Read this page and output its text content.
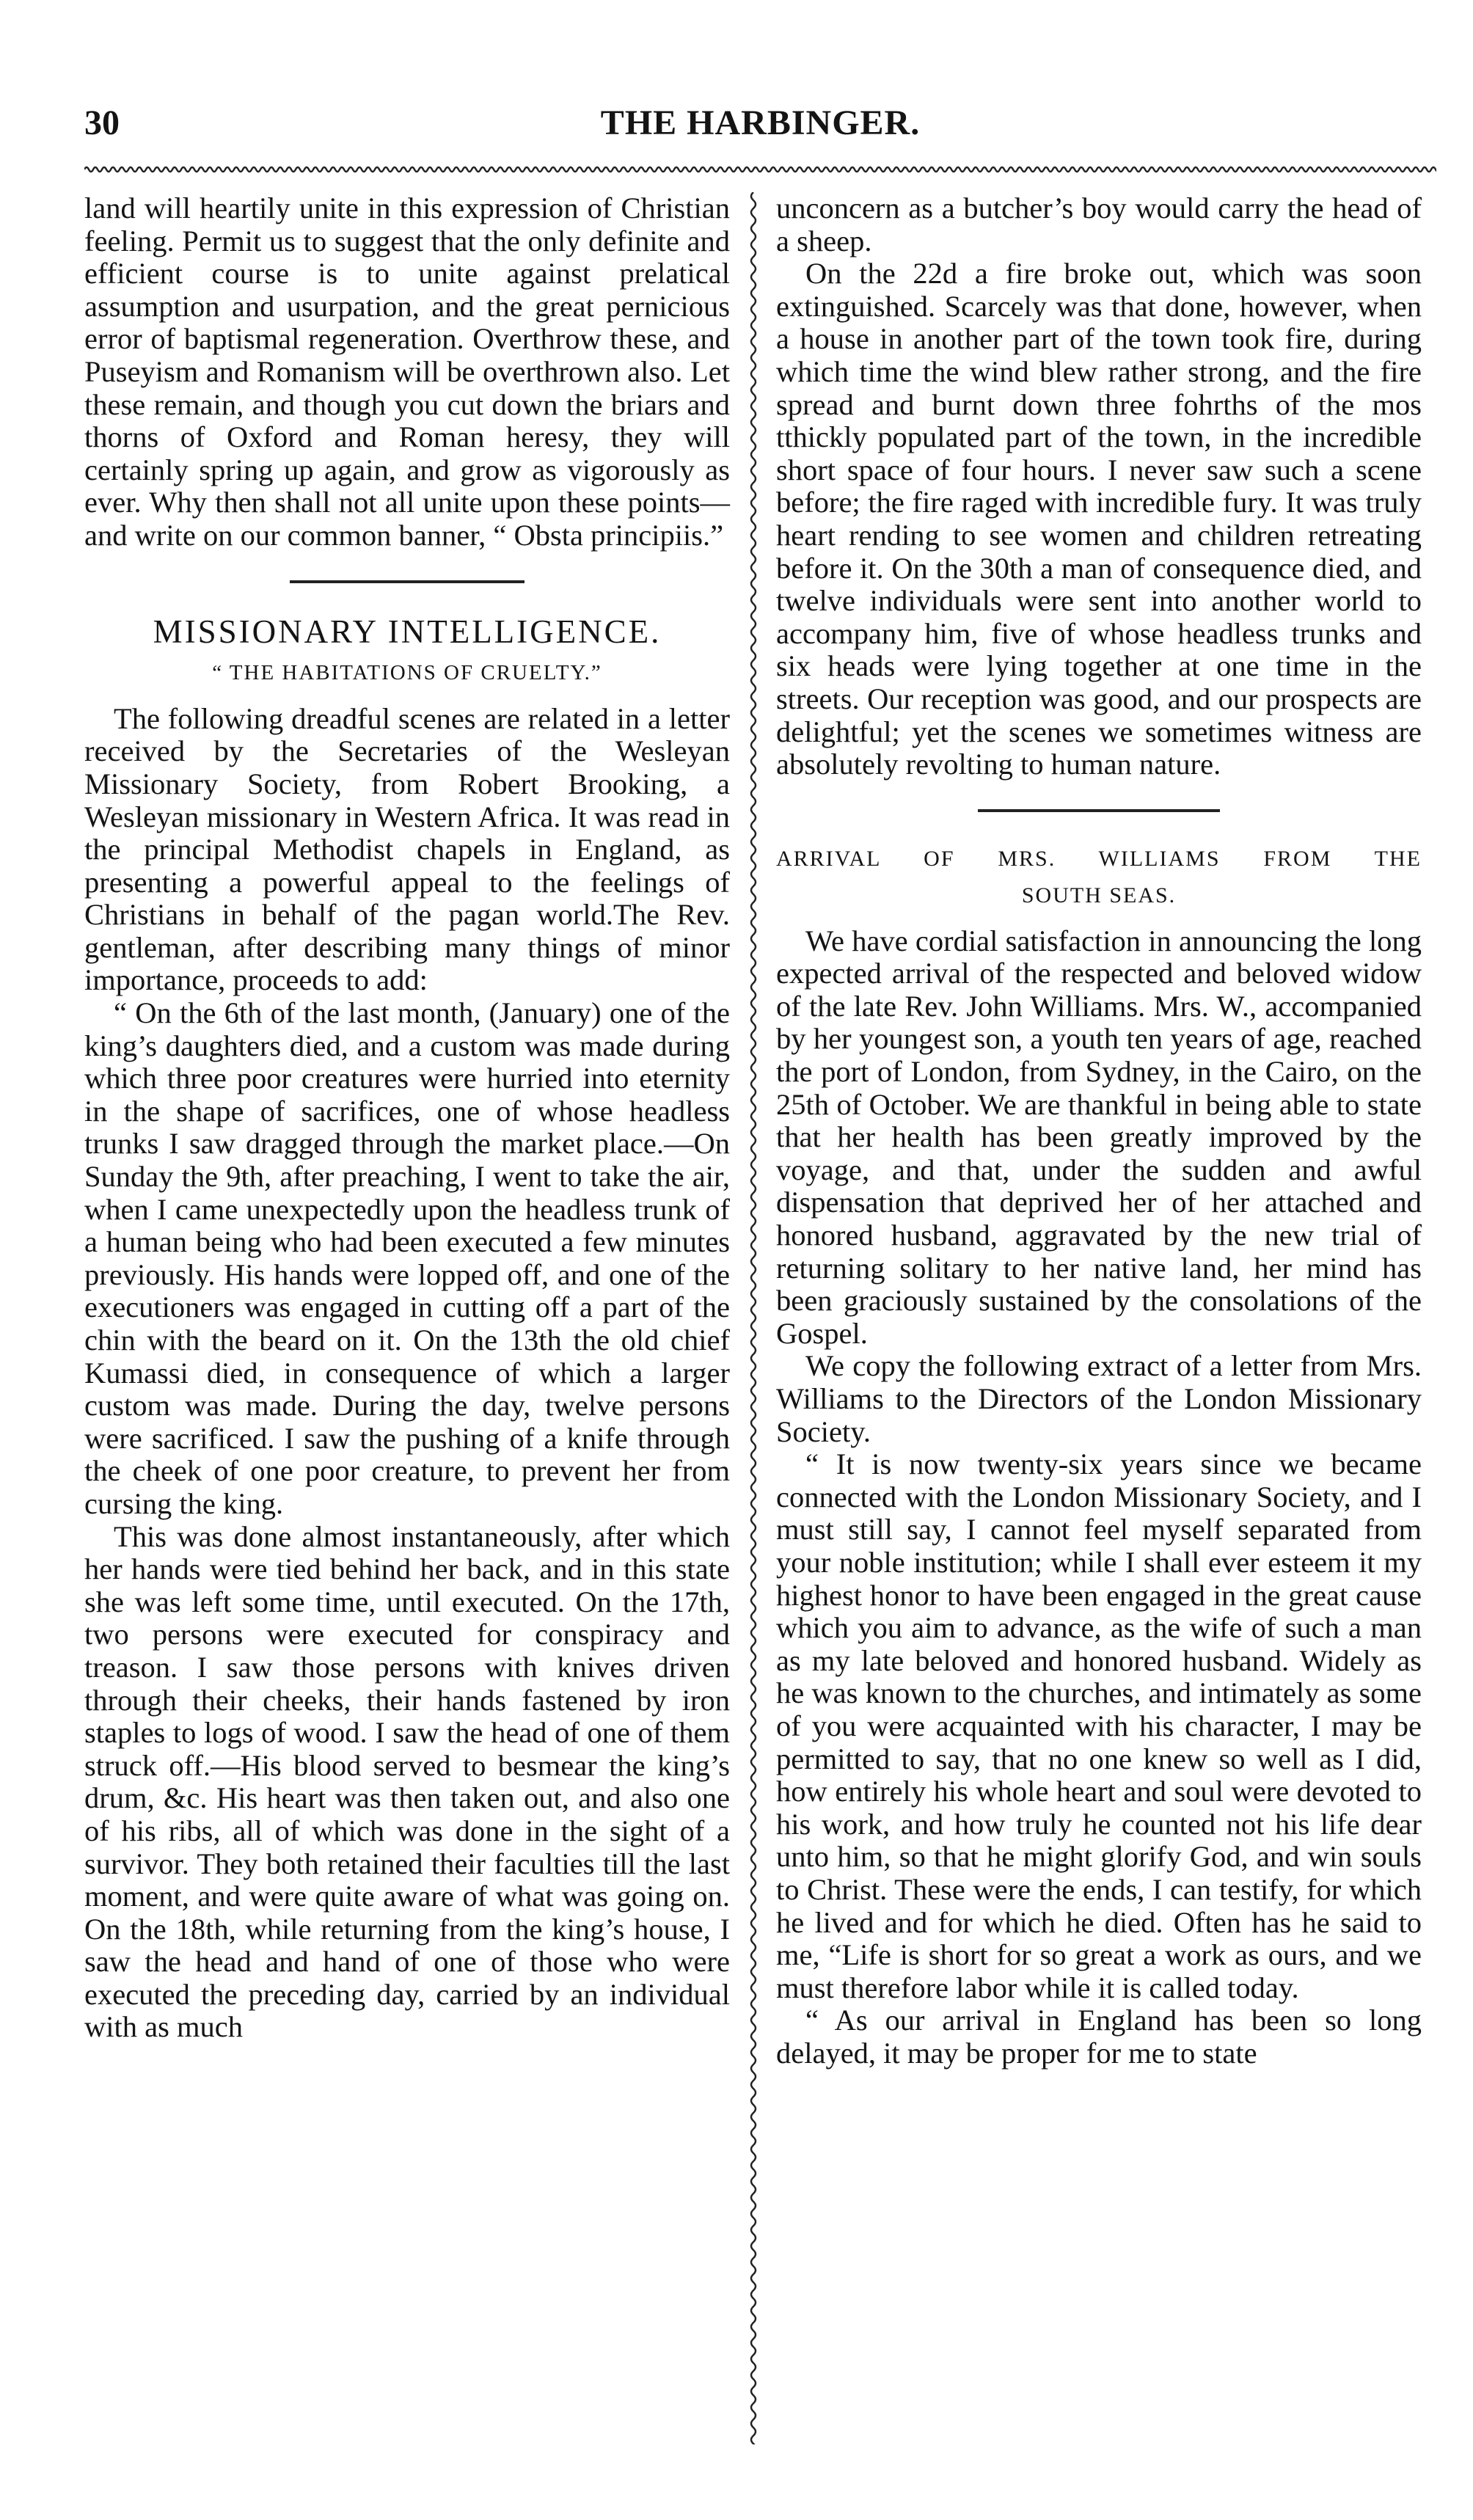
30	THE HARBINGER.

land will heartily unite in this expression of Christian feeling. Permit us to suggest that the only definite and efficient course is to unite against prelatical assumption and usurpation, and the great pernicious error of baptismal regeneration. Overthrow these, and Puseyism and Romanism will be overthrown also. Let these remain, and though you cut down the briars and thorns of Oxford and Roman heresy, they will certainly spring up again, and grow as vigorously as ever. Why then shall not all unite upon these points—and write on our common banner, “ Obsta principiis.”

MISSIONARY INTELLIGENCE.
“ THE HABITATIONS OF CRUELTY.”

The following dreadful scenes are related in a letter received by the Secretaries of the Wesleyan Missionary Society, from Robert Brooking, a Wesleyan missionary in Western Africa. It was read in the principal Methodist chapels in England, as presenting a powerful appeal to the feelings of Christians in behalf of the pagan world.The Rev. gentleman, after describing many things of minor importance, proceeds to add:

“ On the 6th of the last month, (January) one of the king’s daughters died, and a custom was made during which three poor creatures were hurried into eternity in the shape of sacrifices, one of whose headless trunks I saw dragged through the market place.—On Sunday the 9th, after preaching, I went to take the air, when I came unexpectedly upon the headless trunk of a human being who had been executed a few minutes previously. His hands were lopped off, and one of the executioners was engaged in cutting off a part of the chin with the beard on it. On the 13th the old chief Kumassi died, in consequence of which a larger custom was made. During the day, twelve persons were sacrificed. I saw the pushing of a knife through the cheek of one poor creature, to prevent her from cursing the king.

This was done almost instantaneously, after which her hands were tied behind her back, and in this state she was left some time, until executed. On the 17th, two persons were executed for conspiracy and treason. I saw those persons with knives driven through their cheeks, their hands fastened by iron staples to logs of wood. I saw the head of one of them struck off.—His blood served to besmear the king’s drum, &c. His heart was then taken out, and also one of his ribs, all of which was done in the sight of a survivor. They both retained their faculties till the last moment, and were quite aware of what was going on. On the 18th, while returning from the king’s house, I saw the head and hand of one of those who were executed the preceding day, carried by an individual with as much

unconcern as a butcher’s boy would carry the head of a sheep.

On the 22d a fire broke out, which was soon extinguished. Scarcely was that done, however, when a house in another part of the town took fire, during which time the wind blew rather strong, and the fire spread and burnt down three fohrths of the mos tthickly populated part of the town, in the incredible short space of four hours. I never saw such a scene before; the fire raged with incredible fury. It was truly heart rending to see women and children retreating before it. On the 30th a man of consequence died, and twelve individuals were sent into another world to accompany him, five of whose headless trunks and six heads were lying together at one time in the streets. Our reception was good, and our prospects are delightful; yet the scenes we sometimes witness are absolutely revolting to human nature.

ARRIVAL OF MRS. WILLIAMS FROM THE
SOUTH SEAS.

We have cordial satisfaction in announcing the long expected arrival of the respected and beloved widow of the late Rev. John Williams. Mrs. W., accompanied by her youngest son, a youth ten years of age, reached the port of London, from Sydney, in the Cairo, on the 25th of October. We are thankful in being able to state that her health has been greatly improved by the voyage, and that, under the sudden and awful dispensation that deprived her of her attached and honored husband, aggravated by the new trial of returning solitary to her native land, her mind has been graciously sustained by the consolations of the Gospel.

We copy the following extract of a letter from Mrs. Williams to the Directors of the London Missionary Society.

“ It is now twenty-six years since we became connected with the London Missionary Society, and I must still say, I cannot feel myself separated from your noble institution; while I shall ever esteem it my highest honor to have been engaged in the great cause which you aim to advance, as the wife of such a man as my late beloved and honored husband. Widely as he was known to the churches, and intimately as some of you were acquainted with his character, I may be permitted to say, that no one knew so well as I did, how entirely his whole heart and soul were devoted to his work, and how truly he counted not his life dear unto him, so that he might glorify God, and win souls to Christ. These were the ends, I can testify, for which he lived and for which he died. Often has he said to me, “Life is short for so great a work as ours, and we must therefore labor while it is called today.

“ As our arrival in England has been so long delayed, it may be proper for me to state
